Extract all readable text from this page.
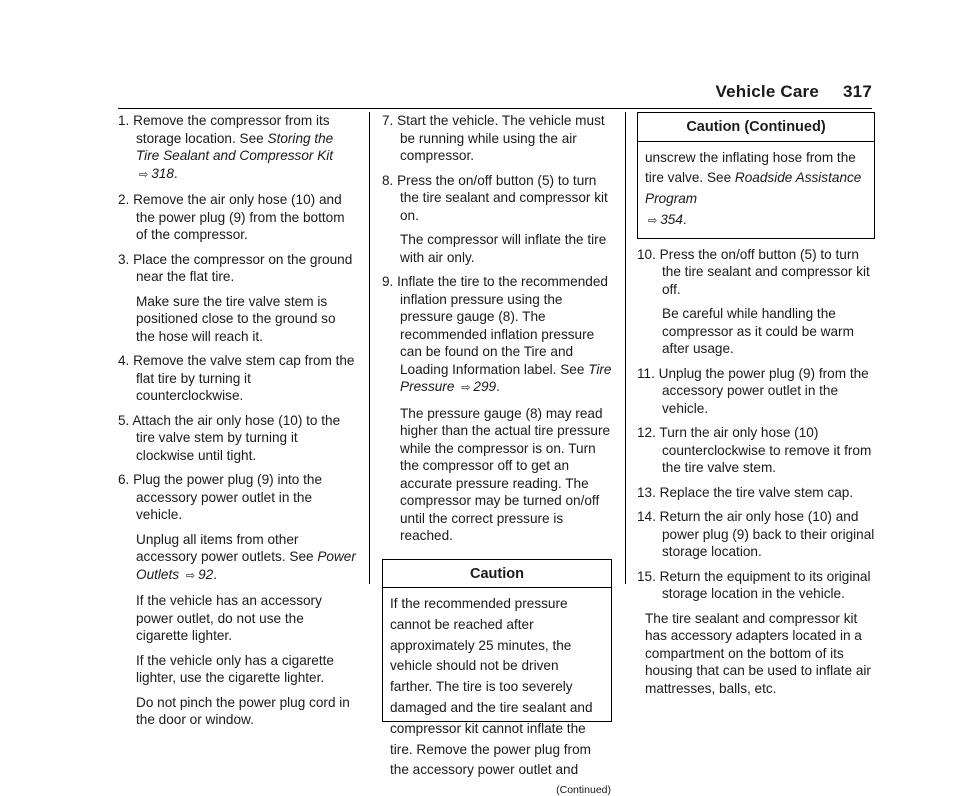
Vehicle Care 317

1. Remove the compressor from its storage location. See Storing the Tire Sealant and Compressor Kit ⇨ 318.

2. Remove the air only hose (10) and the power plug (9) from the bottom of the compressor.

3. Place the compressor on the ground near the flat tire.

Make sure the tire valve stem is positioned close to the ground so the hose will reach it.

4. Remove the valve stem cap from the flat tire by turning it counterclockwise.

5. Attach the air only hose (10) to the tire valve stem by turning it clockwise until tight.

6. Plug the power plug (9) into the accessory power outlet in the vehicle.

Unplug all items from other accessory power outlets. See Power Outlets ⇨ 92.

If the vehicle has an accessory power outlet, do not use the cigarette lighter.

If the vehicle only has a cigarette lighter, use the cigarette lighter.

Do not pinch the power plug cord in the door or window.

7. Start the vehicle. The vehicle must be running while using the air compressor.

8. Press the on/off button (5) to turn the tire sealant and compressor kit on.

The compressor will inflate the tire with air only.

9. Inflate the tire to the recommended inflation pressure using the pressure gauge (8). The recommended inflation pressure can be found on the Tire and Loading Information label. See Tire Pressure ⇨ 299.

The pressure gauge (8) may read higher than the actual tire pressure while the compressor is on. Turn the compressor off to get an accurate pressure reading. The compressor may be turned on/off until the correct pressure is reached.

Caution
If the recommended pressure cannot be reached after approximately 25 minutes, the vehicle should not be driven farther. The tire is too severely damaged and the tire sealant and compressor kit cannot inflate the tire. Remove the power plug from the accessory power outlet and
(Continued)
Caution (Continued)
unscrew the inflating hose from the tire valve. See Roadside Assistance Program
⇨ 354.

10. Press the on/off button (5) to turn the tire sealant and compressor kit off.

Be careful while handling the compressor as it could be warm after usage.

11. Unplug the power plug (9) from the accessory power outlet in the vehicle.

12. Turn the air only hose (10) counterclockwise to remove it from the tire valve stem.

13. Replace the tire valve stem cap.

14. Return the air only hose (10) and power plug (9) back to their original storage location.

15. Return the equipment to its original storage location in the vehicle.

The tire sealant and compressor kit has accessory adapters located in a compartment on the bottom of its housing that can be used to inflate air mattresses, balls, etc.
